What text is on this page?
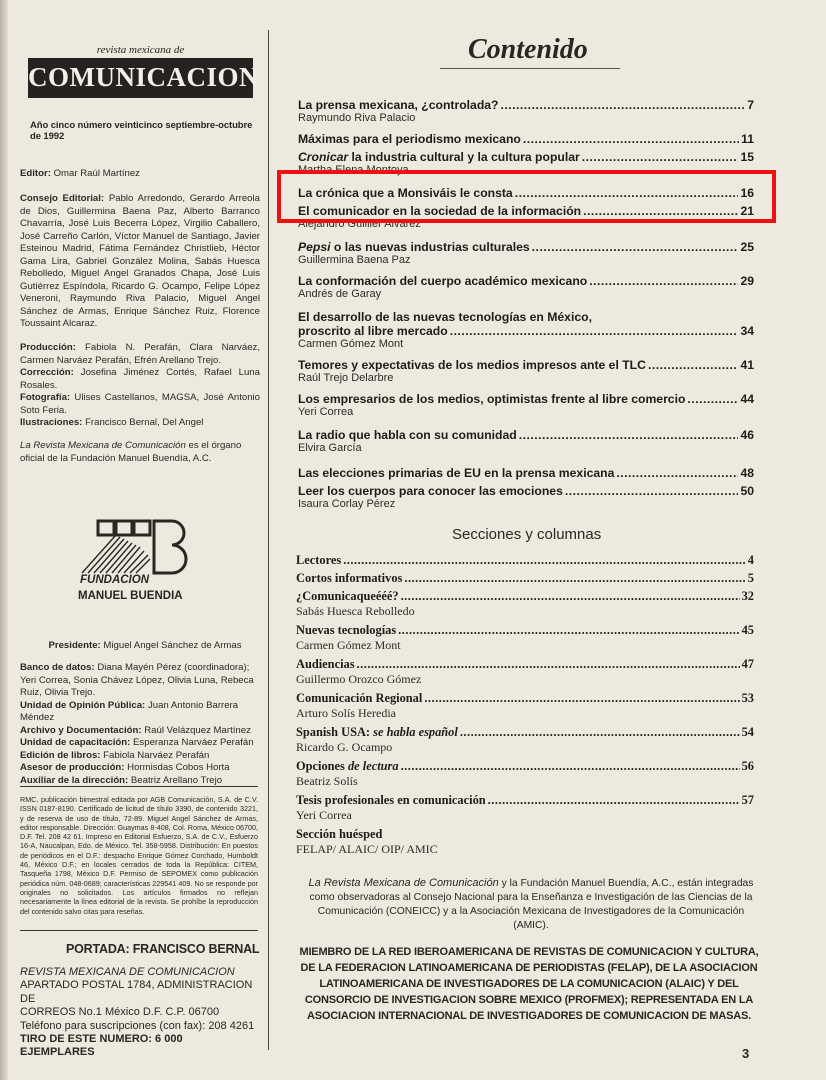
revista mexicana de
COMUNICACION
Año cinco número veinticinco septiembre-octubre de 1992
Editor: Omar Raúl Martínez
Consejo Editorial: Pablo Arredondo, Gerardo Arreola de Dios, Guillermina Baena Paz, Alberto Barranco Chavarría, José Luis Becerra López, Virgilio Caballero, José Carreño Carlón, Víctor Manuel de Santiago, Javier Esteinou Madrid, Fátima Fernández Christlieb, Héctor Gama Lira, Gabriel González Molina, Sabás Huesca Rebolledo, Miguel Angel Granados Chapa, José Luis Gutiérrez Espíndola, Ricardo G. Ocampo, Felipe López Veneroni, Raymundo Riva Palacio, Miguel Angel Sánchez de Armas, Enrique Sánchez Ruiz, Florence Toussaint Alcaraz.
Producción: Fabiola N. Perafán, Clara Narváez, Carmen Narváez Perafán, Efrén Arellano Trejo.
Corrección: Josefina Jiménez Cortés, Rafael Luna Rosales.
Fotografía: Ulises Castellanos, MAGSA, José Antonio Soto Feria.
Ilustraciones: Francisco Bernal, Del Angel
La Revista Mexicana de Comunicación es el órgano oficial de la Fundación Manuel Buendía, A.C.
FUNDACION
MANUEL BUENDIA
Presidente: Miguel Angel Sánchez de Armas
Banco de datos: Diana Mayén Pérez (coordinadora); Yeri Correa, Sonia Chávez López, Olivia Luna, Rebeca Ruiz, Olivia Trejo.
Unidad de Opinión Pública: Juan Antonio Barrera Méndez
Archivo y Documentación: Raúl Velázquez Martínez
Unidad de capacitación: Esperanza Narváez Perafán
Edición de libros: Fabiola Narváez Perafán
Asesor de producción: Hormisdas Cobos Horta
Auxiliar de la dirección: Beatriz Arellano Trejo
RMC, publicación bimestral editada por AGB Comunicación, S.A. de C.V. ISSN 0187-8190. Certificado de licitud de título 3390, de contenido 3221, y de reserva de uso de título, 72-89. Miguel Angel Sánchez de Armas, editor responsable. Dirección: Guaymas 8-408, Col. Roma, México 06700, D.F. Tel. 208 42 61. Impreso en Editorial Esfuerzo, S.A. de C.V., Esfuerzo 16-A, Naucalpan, Edo. de México. Tel. 358-5958. Distribución: En puestos de periódicos en el D.F.: despacho Enrique Gómez Corchado, Humboldt 46, México D.F.; en locales cerrados de toda la República: CITEM, Tasqueña 1798, México D.F. Permiso de SEPOMEX como publicación periódica núm. 048-0689; características 229541 409. No se responde por originales no solicitados. Los artículos firmados no reflejan necesariamente la línea editorial de la revista. Se prohíbe la reproducción del contenido salvo citas para reseñas.
PORTADA: FRANCISCO BERNAL
REVISTA MEXICANA DE COMUNICACION
APARTADO POSTAL 1784, ADMINISTRACION DE
CORREOS No.1 México D.F. C.P. 06700
Teléfono para suscripciones (con fax): 208 4261
TIRO DE ESTE NUMERO: 6 000 EJEMPLARES
Contenido
La prensa mexicana, ¿controlada? .....	7
Raymundo Riva Palacio
Máximas para el periodismo mexicano .....	11
Cronicar la industria cultural y la cultura popular .....	15
Martha Elena Montoya
La crónica que a Monsiváis le consta .....	16
El comunicador en la sociedad de la información .....	21
Alejandro Guillier Alvarez
Pepsi o las nuevas industrias culturales .....	25
Guillermina Baena Paz
La conformación del cuerpo académico mexicano .....	29
Andrés de Garay
El desarrollo de las nuevas tecnologías en México,
proscrito al libre mercado .....	34
Carmen Gómez Mont
Temores y expectativas de los medios impresos ante el TLC .....	41
Raúl Trejo Delarbre
Los empresarios de los medios, optimistas frente al libre comercio .....	44
Yeri Correa
La radio que habla con su comunidad .....	46
Elvira García
Las elecciones primarias de EU en la prensa mexicana .....	48
Leer los cuerpos para conocer las emociones .....	50
Isaura Corlay Pérez
Secciones y columnas
Lectores .....	4
Cortos informativos .....	5
¿Comunicaqueééé? .....	32
Sabás Huesca Rebolledo
Nuevas tecnologías .....	45
Carmen Gómez Mont
Audiencias .....	47
Guillermo Orozco Gómez
Comunicación Regional .....	53
Arturo Solís Heredia
Spanish USA: se habla español .....	54
Ricardo G. Ocampo
Opciones de lectura .....	56
Beatriz Solís
Tesis profesionales en comunicación .....	57
Yeri Correa
Sección huésped
FELAP/ ALAIC/ OIP/ AMIC
La Revista Mexicana de Comunicación y la Fundación Manuel Buendía, A.C., están integradas como observadoras al Consejo Nacional para la Enseñanza e Investigación de las Ciencias de la Comunicación (CONEICC) y a la Asociación Mexicana de Investigadores de la Comunicación (AMIC).
MIEMBRO DE LA RED IBEROAMERICANA DE REVISTAS DE COMUNICACION Y CULTURA, DE LA FEDERACION LATINOAMERICANA DE PERIODISTAS (FELAP), DE LA ASOCIACION LATINOAMERICANA DE INVESTIGADORES DE LA COMUNICACION (ALAIC) Y DEL CONSORCIO DE INVESTIGACION SOBRE MEXICO (PROFMEX); REPRESENTADA EN LA ASOCIACION INTERNACIONAL DE INVESTIGADORES DE COMUNICACION DE MASAS.
3
